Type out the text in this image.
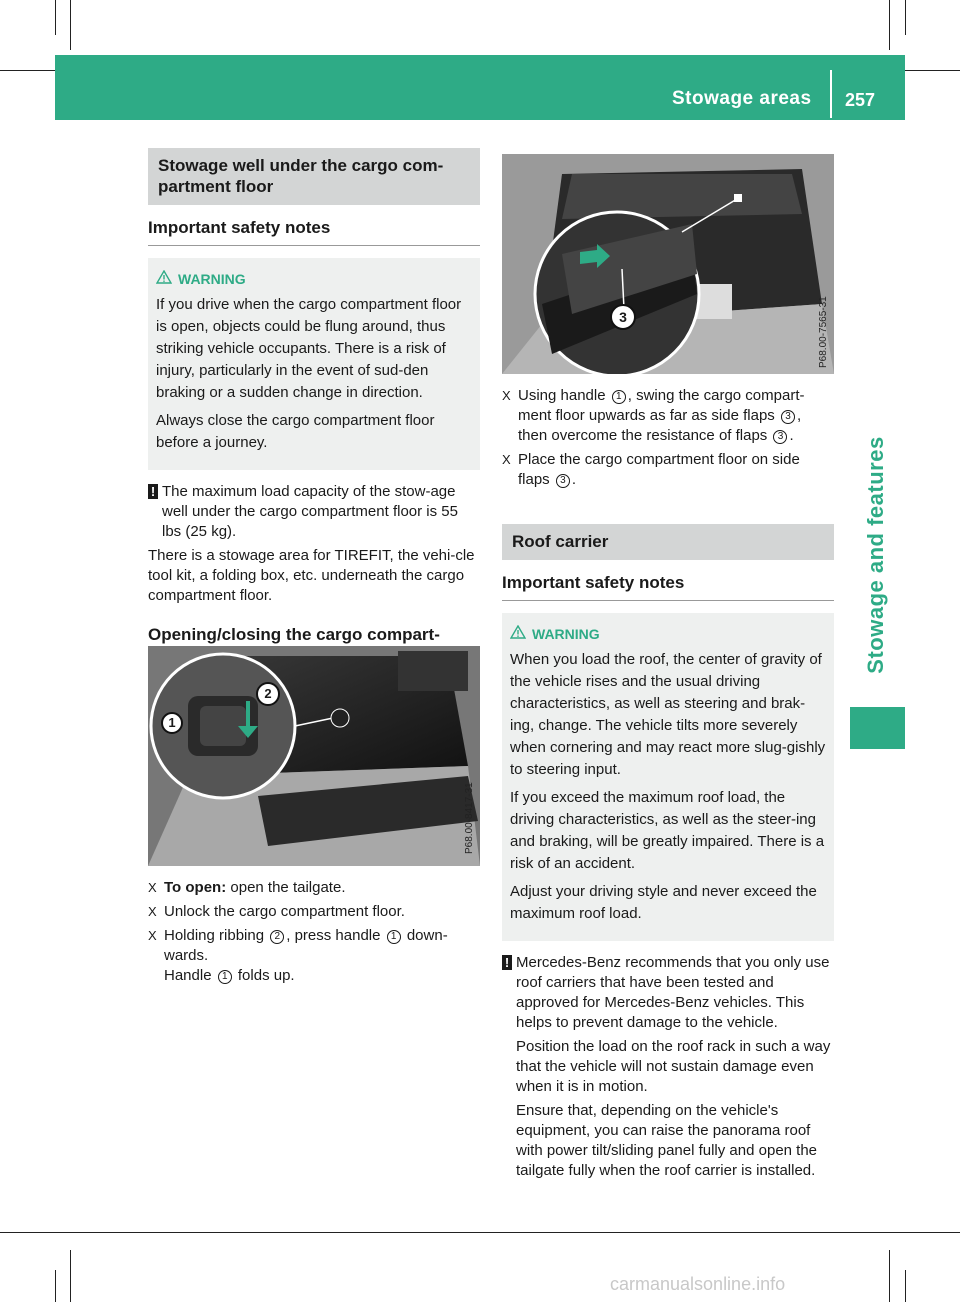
Stowage areas 257
Stowage and features
Stowage well under the cargo com-
partment floor
Important safety notes
WARNING

If you drive when the cargo compartment floor is open, objects could be flung around, thus striking vehicle occupants. There is a risk of injury, particularly in the event of sud-den braking or a sudden change in direction.

Always close the cargo compartment floor before a journey.

! The maximum load capacity of the stow-age well under the cargo compartment floor is 55 lbs (25 kg).

There is a stowage area for TIREFIT, the vehi-cle tool kit, a folding box, etc. underneath the cargo compartment floor.

Opening/closing the cargo compart-
1
2
P68.00-8417-31
X To open: open the tailgate.
X Unlock the cargo compartment floor.
X Holding ribbing 2 , press handle 1 down-wards.
Handle 1 folds up.
3	P68.00-7565-31
X Using handle 1 , swing the cargo compart-ment floor upwards as far as side flaps 3 , then overcome the resistance of flaps 3 .
X Place the cargo compartment floor on side flaps 3 .
Roof carrier
Important safety notes
WARNING

When you load the roof, the center of gravity of the vehicle rises and the usual driving characteristics, as well as steering and brak-ing, change. The vehicle tilts more severely when cornering and may react more slug-gishly to steering input.

If you exceed the maximum roof load, the driving characteristics, as well as the steer-ing and braking, will be greatly impaired. There is a risk of an accident.

Adjust your driving style and never exceed the maximum roof load.

! Mercedes-Benz recommends that you only use roof carriers that have been tested and approved for Mercedes-Benz vehicles. This helps to prevent damage to the vehicle.

Position the load on the roof rack in such a way that the vehicle will not sustain damage even when it is in motion.

Ensure that, depending on the vehicle's equipment, you can raise the panorama roof with power tilt/sliding panel fully and open the tailgate fully when the roof carrier is installed.

carmanualsonline.info
